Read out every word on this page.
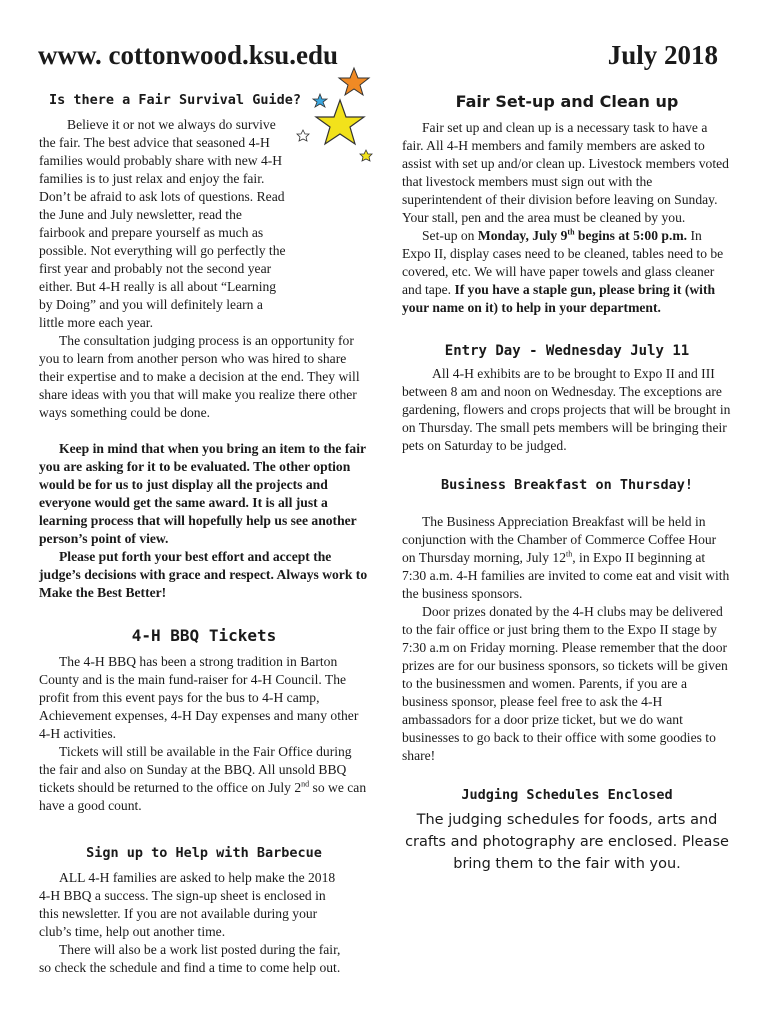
www. cottonwood.ksu.edu	July 2018
Is there a Fair Survival Guide?

Believe it or not we always do survive the fair. The best advice that seasoned 4-H families would probably share with new 4-H families is to just relax and enjoy the fair. Don’t be afraid to ask lots of questions. Read the June and July newsletter, read the fairbook and prepare yourself as much as possible. Not everything will go perfectly the first year and probably not the second year either. But 4-H really is all about “Learning by Doing” and you will definitely learn a little more each year.

The consultation judging process is an opportunity for you to learn from another person who was hired to share their expertise and to make a decision at the end. They will share ideas with you that will make you realize there other ways something could be done.

Keep in mind that when you bring an item to the fair you are asking for it to be evaluated. The other option would be for us to just display all the projects and everyone would get the same award. It is all just a learning process that will hopefully help us see another person’s point of view.

Please put forth your best effort and accept the judge’s decisions with grace and respect. Always work to Make the Best Better!

4-H BBQ Tickets

The 4-H BBQ has been a strong tradition in Barton County and is the main fund-raiser for 4-H Council. The profit from this event pays for the bus to 4-H camp, Achievement expenses, 4-H Day expenses and many other 4-H activities.

Tickets will still be available in the Fair Office during the fair and also on Sunday at the BBQ. All unsold BBQ tickets should be returned to the office on July 2nd so we can have a good count.

Sign up to Help with Barbecue

ALL 4-H families are asked to help make the 2018 4-H BBQ a success. The sign-up sheet is enclosed in this newsletter. If you are not available during your club’s time, help out another time.

There will also be a work list posted during the fair, so check the schedule and find a time to come help out.

Fair Set-up and Clean up

Fair set up and clean up is a necessary task to have a fair. All 4-H members and family members are asked to assist with set up and/or clean up. Livestock members voted that livestock members must sign out with the superintendent of their division before leaving on Sunday. Your stall, pen and the area must be cleaned by you.

Set-up on Monday, July 9th begins at 5:00 p.m. In Expo II, display cases need to be cleaned, tables need to be covered, etc. We will have paper towels and glass cleaner and tape. If you have a staple gun, please bring it (with your name on it) to help in your department.

Entry Day - Wednesday July 11

All 4-H exhibits are to be brought to Expo II and III between 8 am and noon on Wednesday. The exceptions are gardening, flowers and crops projects that will be brought in on Thursday. The small pets members will be bringing their pets on Saturday to be judged.

Business Breakfast on Thursday!

The Business Appreciation Breakfast will be held in conjunction with the Chamber of Commerce Coffee Hour on Thursday morning, July 12th, in Expo II beginning at 7:30 a.m. 4-H families are invited to come eat and visit with the business sponsors.

Door prizes donated by the 4-H clubs may be delivered to the fair office or just bring them to the Expo II stage by 7:30 a.m on Friday morning. Please remember that the door prizes are for our business sponsors, so tickets will be given to the businessmen and women. Parents, if you are a business sponsor, please feel free to ask the 4-H ambassadors for a door prize ticket, but we do want businesses to go back to their office with some goodies to share!

Judging Schedules Enclosed

The judging schedules for foods, arts and crafts and photography are enclosed. Please bring them to the fair with you.
